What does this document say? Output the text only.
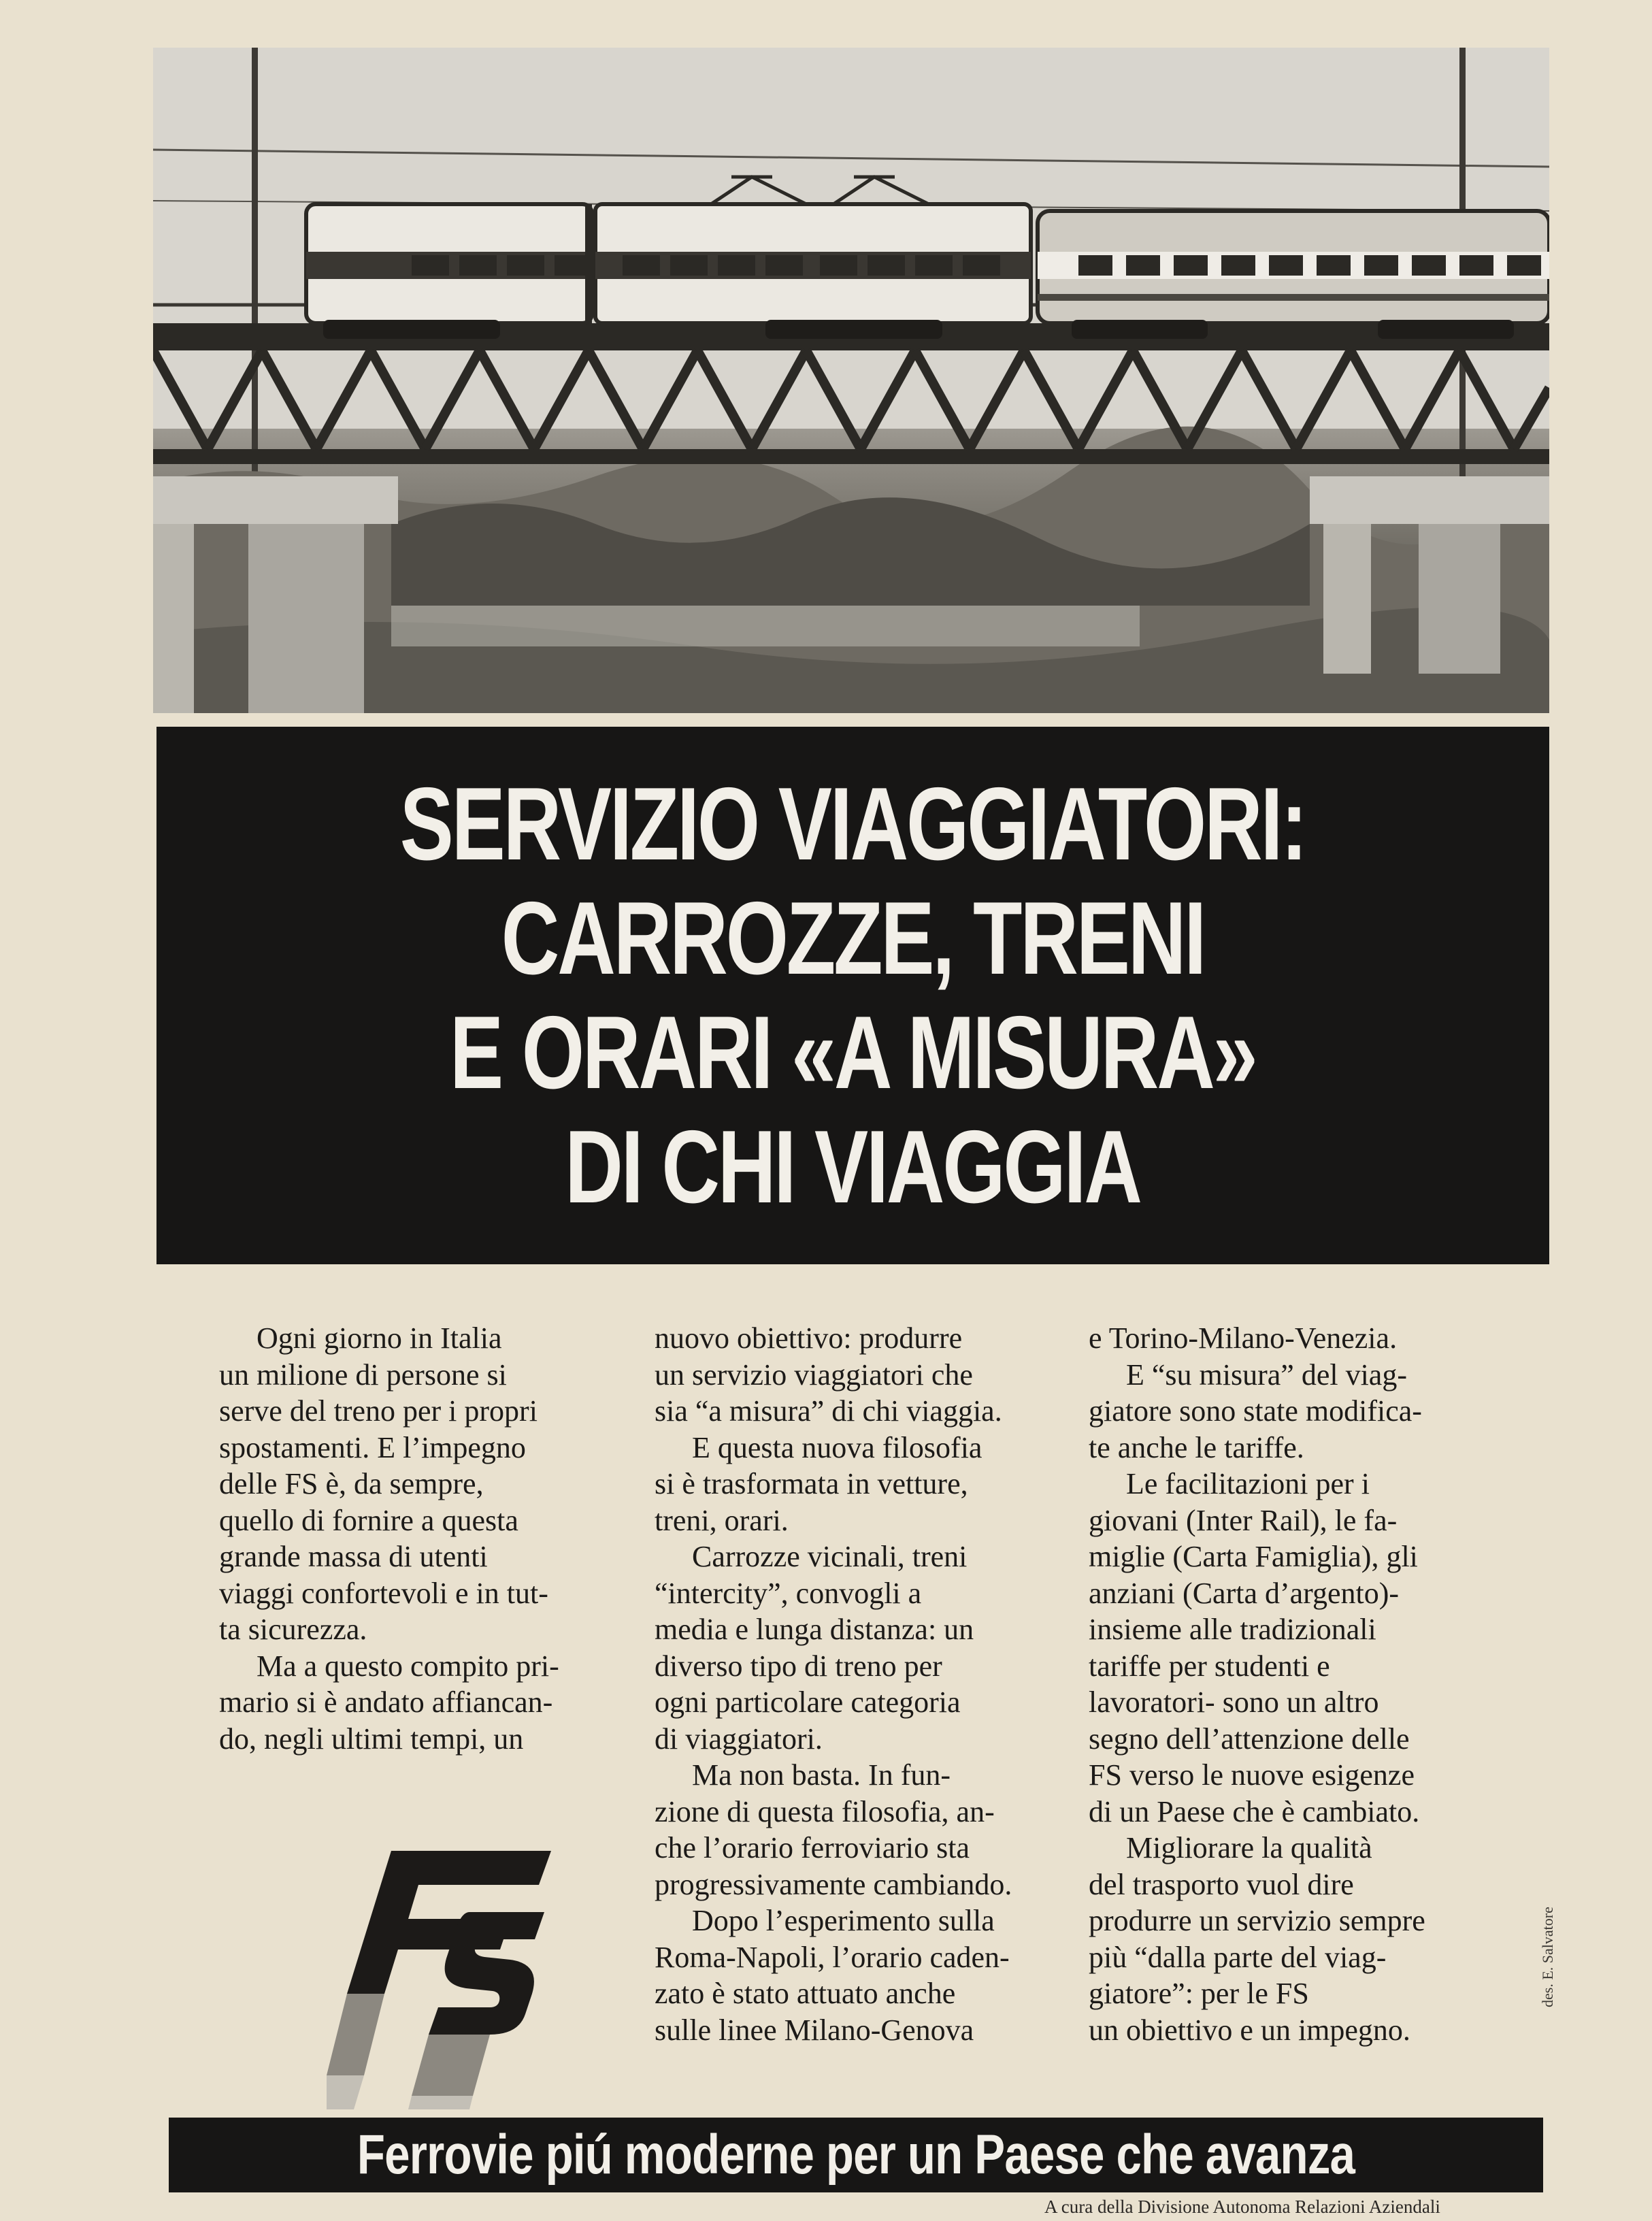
SERVIZIO VIAGGIATORI:
CARROZZE, TRENI
E ORARI «A MISURA»
DI CHI VIAGGIA
Ogni giorno in Italia
un milione di persone si
serve del treno per i propri
spostamenti. E l’impegno
delle FS è, da sempre,
quello di fornire a questa
grande massa di utenti
viaggi confortevoli e in tut-
ta sicurezza.
Ma a questo compito pri-
mario si è andato affiancan-
do, negli ultimi tempi, un
nuovo obiettivo: produrre
un servizio viaggiatori che
sia “a misura” di chi viaggia.
E questa nuova filosofia
si è trasformata in vetture,
treni, orari.
Carrozze vicinali, treni
“intercity”, convogli a
media e lunga distanza: un
diverso tipo di treno per
ogni particolare categoria
di viaggiatori.
Ma non basta. In fun-
zione di questa filosofia, an-
che l’orario ferroviario sta
progressivamente cambiando.
Dopo l’esperimento sulla
Roma-Napoli, l’orario caden-
zato è stato attuato anche
sulle linee Milano-Genova
e Torino-Milano-Venezia.
E “su misura” del viag-
giatore sono state modifica-
te anche le tariffe.
Le facilitazioni per i
giovani (Inter Rail), le fa-
miglie (Carta Famiglia), gli
anziani (Carta d’argento)-
insieme alle tradizionali
tariffe per studenti e
lavoratori- sono un altro
segno dell’attenzione delle
FS verso le nuove esigenze
di un Paese che è cambiato.
Migliorare la qualità
del trasporto vuol dire
produrre un servizio sempre
più “dalla parte del viag-
giatore”: per le FS
un obiettivo e un impegno.
des. E. Salvatore
Ferrovie piú moderne per un Paese che avanza
A cura della Divisione Autonoma Relazioni Aziendali
